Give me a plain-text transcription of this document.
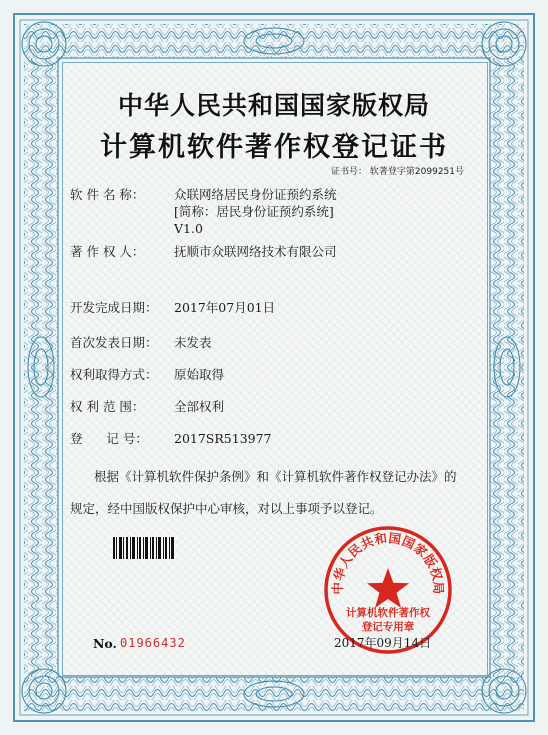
中华人民共和国国家版权局
计算机软件著作权登记证书
证书号： 软著登字第2099251号
软 件 名 称： 众联网络居民身份证预约系统
[简称：居民身份证预约系统]
V1.0
著 作 权 人： 抚顺市众联网络技术有限公司
开发完成日期： 2017年07月01日
首次发表日期： 未发表
权利取得方式： 原始取得
权 利 范 围： 全部权利
登      记 号： 2017SR513977
根据《计算机软件保护条例》和《计算机软件著作权登记办法》的
规定，经中国版权保护中心审核，对以上事项予以登记。
中华人民共和国国家版权局
计算机软件著作权
登记专用章
No. 01966432	2017年09月14日
